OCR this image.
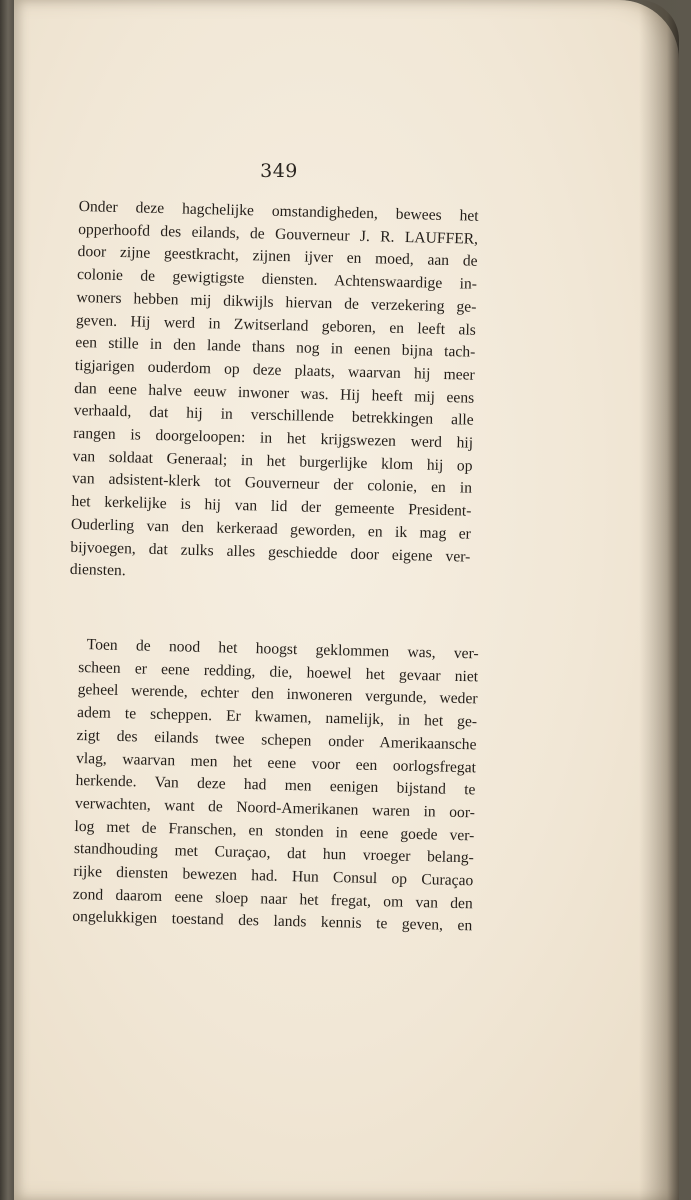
349

Onder deze hagchelijke omstandigheden, bewees het
opperhoofd des eilands, de Gouverneur J. R. LAUFFER,
door zijne geestkracht, zijnen ijver en moed, aan de
colonie de gewigtigste diensten. Achtenswaardige in-
woners hebben mij dikwijls hiervan de verzekering ge-
geven. Hij werd in Zwitserland geboren, en leeft als
een stille in den lande thans nog in eenen bijna tach-
tigjarigen ouderdom op deze plaats, waarvan hij meer
dan eene halve eeuw inwoner was. Hij heeft mij eens
verhaald, dat hij in verschillende betrekkingen alle
rangen is doorgeloopen: in het krijgswezen werd hij
van soldaat Generaal; in het burgerlijke klom hij op
van adsistent-klerk tot Gouverneur der colonie, en in
het kerkelijke is hij van lid der gemeente President-
Ouderling van den kerkeraad geworden, en ik mag er
bijvoegen, dat zulks alles geschiedde door eigene ver-
diensten.

Toen de nood het hoogst geklommen was, ver-
scheen er eene redding, die, hoewel het gevaar niet
geheel werende, echter den inwoneren vergunde, weder
adem te scheppen. Er kwamen, namelijk, in het ge-
zigt des eilands twee schepen onder Amerikaansche
vlag, waarvan men het eene voor een oorlogsfregat
herkende. Van deze had men eenigen bijstand te
verwachten, want de Noord-Amerikanen waren in oor-
log met de Franschen, en stonden in eene goede ver-
standhouding met Curaçao, dat hun vroeger belang-
rijke diensten bewezen had. Hun Consul op Curaçao
zond daarom eene sloep naar het fregat, om van den
ongelukkigen toestand des lands kennis te geven, en
